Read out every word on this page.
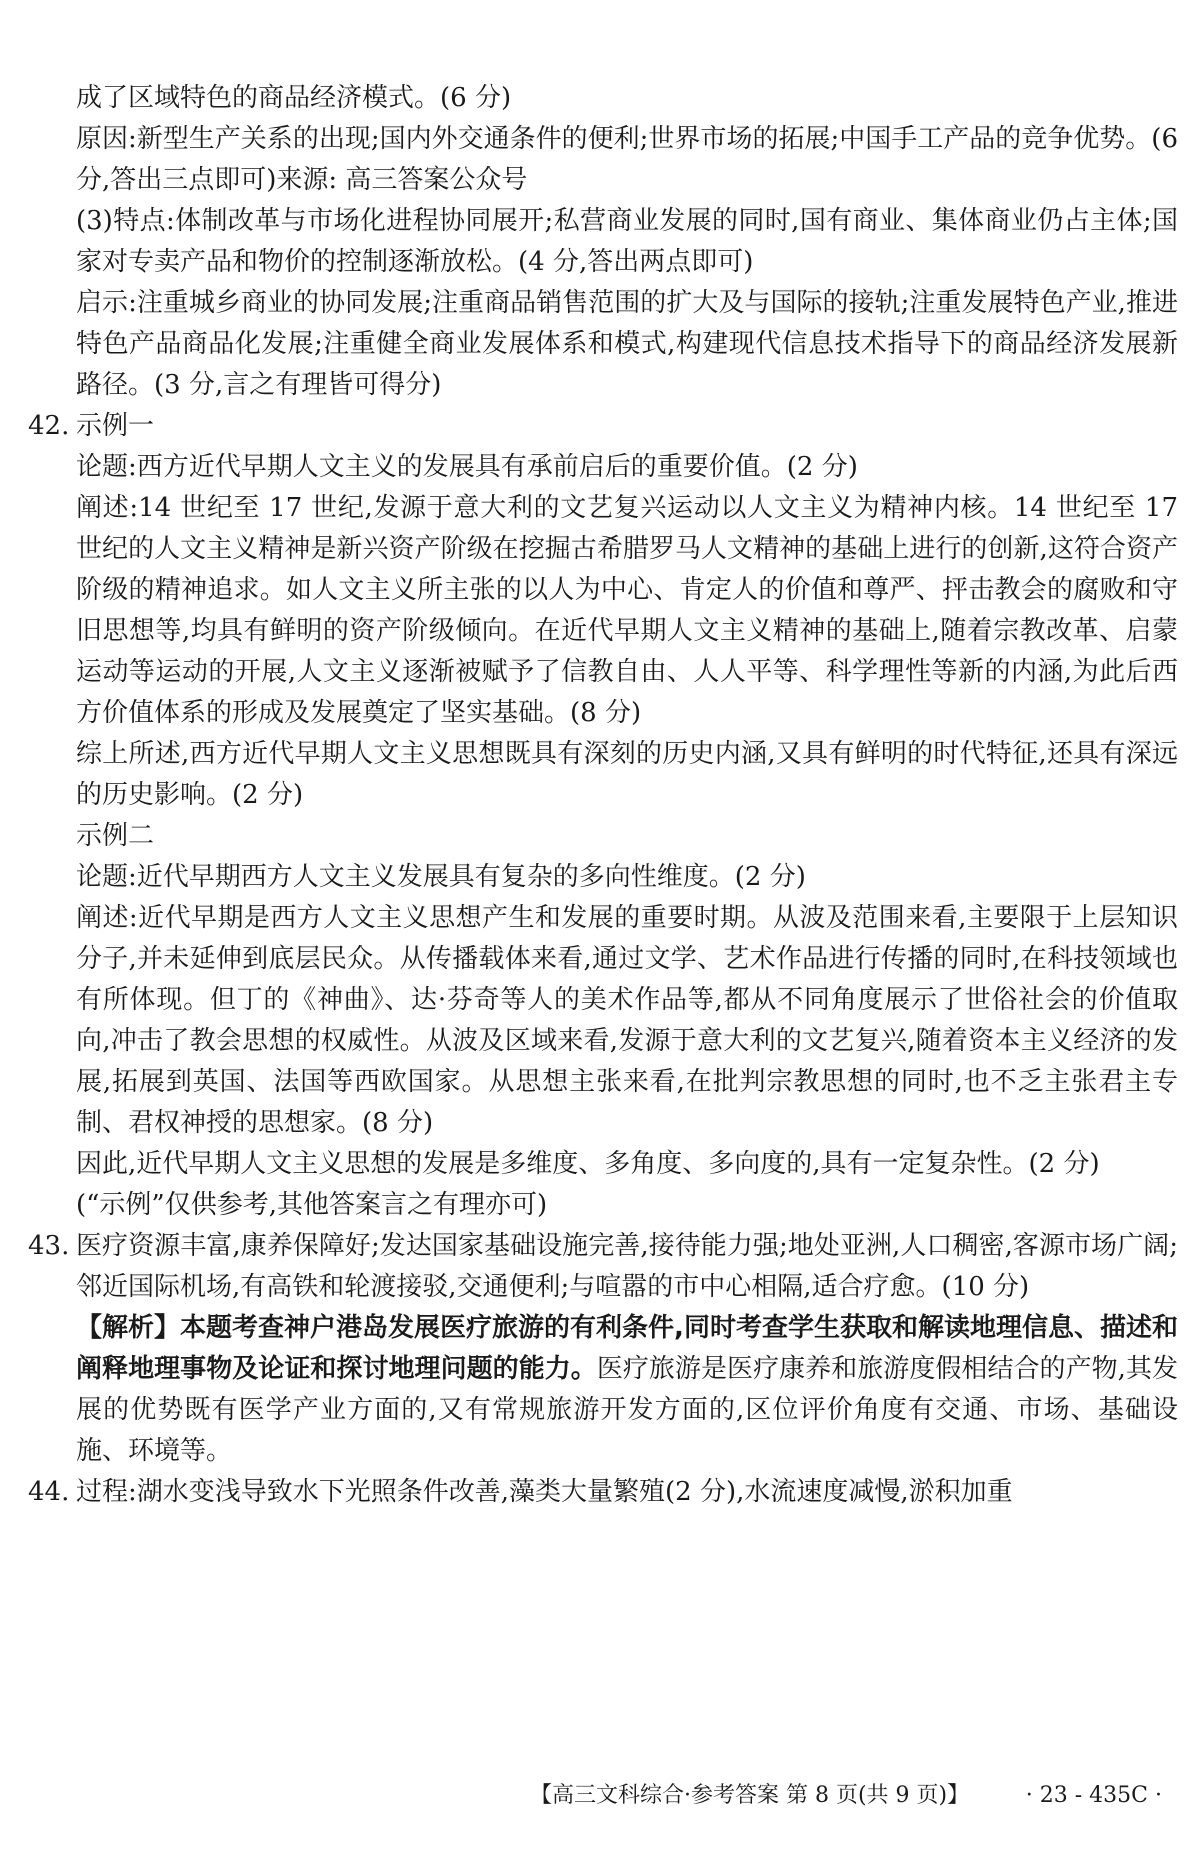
成了区域特色的商品经济模式。(6 分)

原因:新型生产关系的出现;国内外交通条件的便利;世界市场的拓展;中国手工产品的竞争优势。(6 分,答出三点即可)来源: 高三答案公众号

(3)特点:体制改革与市场化进程协同展开;私营商业发展的同时,国有商业、集体商业仍占主体;国家对专卖产品和物价的控制逐渐放松。(4 分,答出两点即可)

启示:注重城乡商业的协同发展;注重商品销售范围的扩大及与国际的接轨;注重发展特色产业,推进特色产品商品化发展;注重健全商业发展体系和模式,构建现代信息技术指导下的商品经济发展新路径。(3 分,言之有理皆可得分)

42. 示例一

论题:西方近代早期人文主义的发展具有承前启后的重要价值。(2 分)

阐述:14 世纪至 17 世纪,发源于意大利的文艺复兴运动以人文主义为精神内核。14 世纪至 17 世纪的人文主义精神是新兴资产阶级在挖掘古希腊罗马人文精神的基础上进行的创新,这符合资产阶级的精神追求。如人文主义所主张的以人为中心、肯定人的价值和尊严、抨击教会的腐败和守旧思想等,均具有鲜明的资产阶级倾向。在近代早期人文主义精神的基础上,随着宗教改革、启蒙运动等运动的开展,人文主义逐渐被赋予了信教自由、人人平等、科学理性等新的内涵,为此后西方价值体系的形成及发展奠定了坚实基础。(8 分)

综上所述,西方近代早期人文主义思想既具有深刻的历史内涵,又具有鲜明的时代特征,还具有深远的历史影响。(2 分)

示例二

论题:近代早期西方人文主义发展具有复杂的多向性维度。(2 分)

阐述:近代早期是西方人文主义思想产生和发展的重要时期。从波及范围来看,主要限于上层知识分子,并未延伸到底层民众。从传播载体来看,通过文学、艺术作品进行传播的同时,在科技领域也有所体现。但丁的《神曲》、达·芬奇等人的美术作品等,都从不同角度展示了世俗社会的价值取向,冲击了教会思想的权威性。从波及区域来看,发源于意大利的文艺复兴,随着资本主义经济的发展,拓展到英国、法国等西欧国家。从思想主张来看,在批判宗教思想的同时,也不乏主张君主专制、君权神授的思想家。(8 分)

因此,近代早期人文主义思想的发展是多维度、多角度、多向度的,具有一定复杂性。(2 分)

(“示例”仅供参考,其他答案言之有理亦可)

43. 医疗资源丰富,康养保障好;发达国家基础设施完善,接待能力强;地处亚洲,人口稠密,客源市场广阔;邻近国际机场,有高铁和轮渡接驳,交通便利;与喧嚣的市中心相隔,适合疗愈。(10 分)

【解析】本题考查神户港岛发展医疗旅游的有利条件,同时考查学生获取和解读地理信息、描述和阐释地理事物及论证和探讨地理问题的能力。医疗旅游是医疗康养和旅游度假相结合的产物,其发展的优势既有医学产业方面的,又有常规旅游开发方面的,区位评价角度有交通、市场、基础设施、环境等。

44. 过程:湖水变浅导致水下光照条件改善,藻类大量繁殖(2 分),水流速度减慢,淤积加重
【高三文科综合·参考答案 第 8 页(共 9 页)】	· 23 - 435C ·
